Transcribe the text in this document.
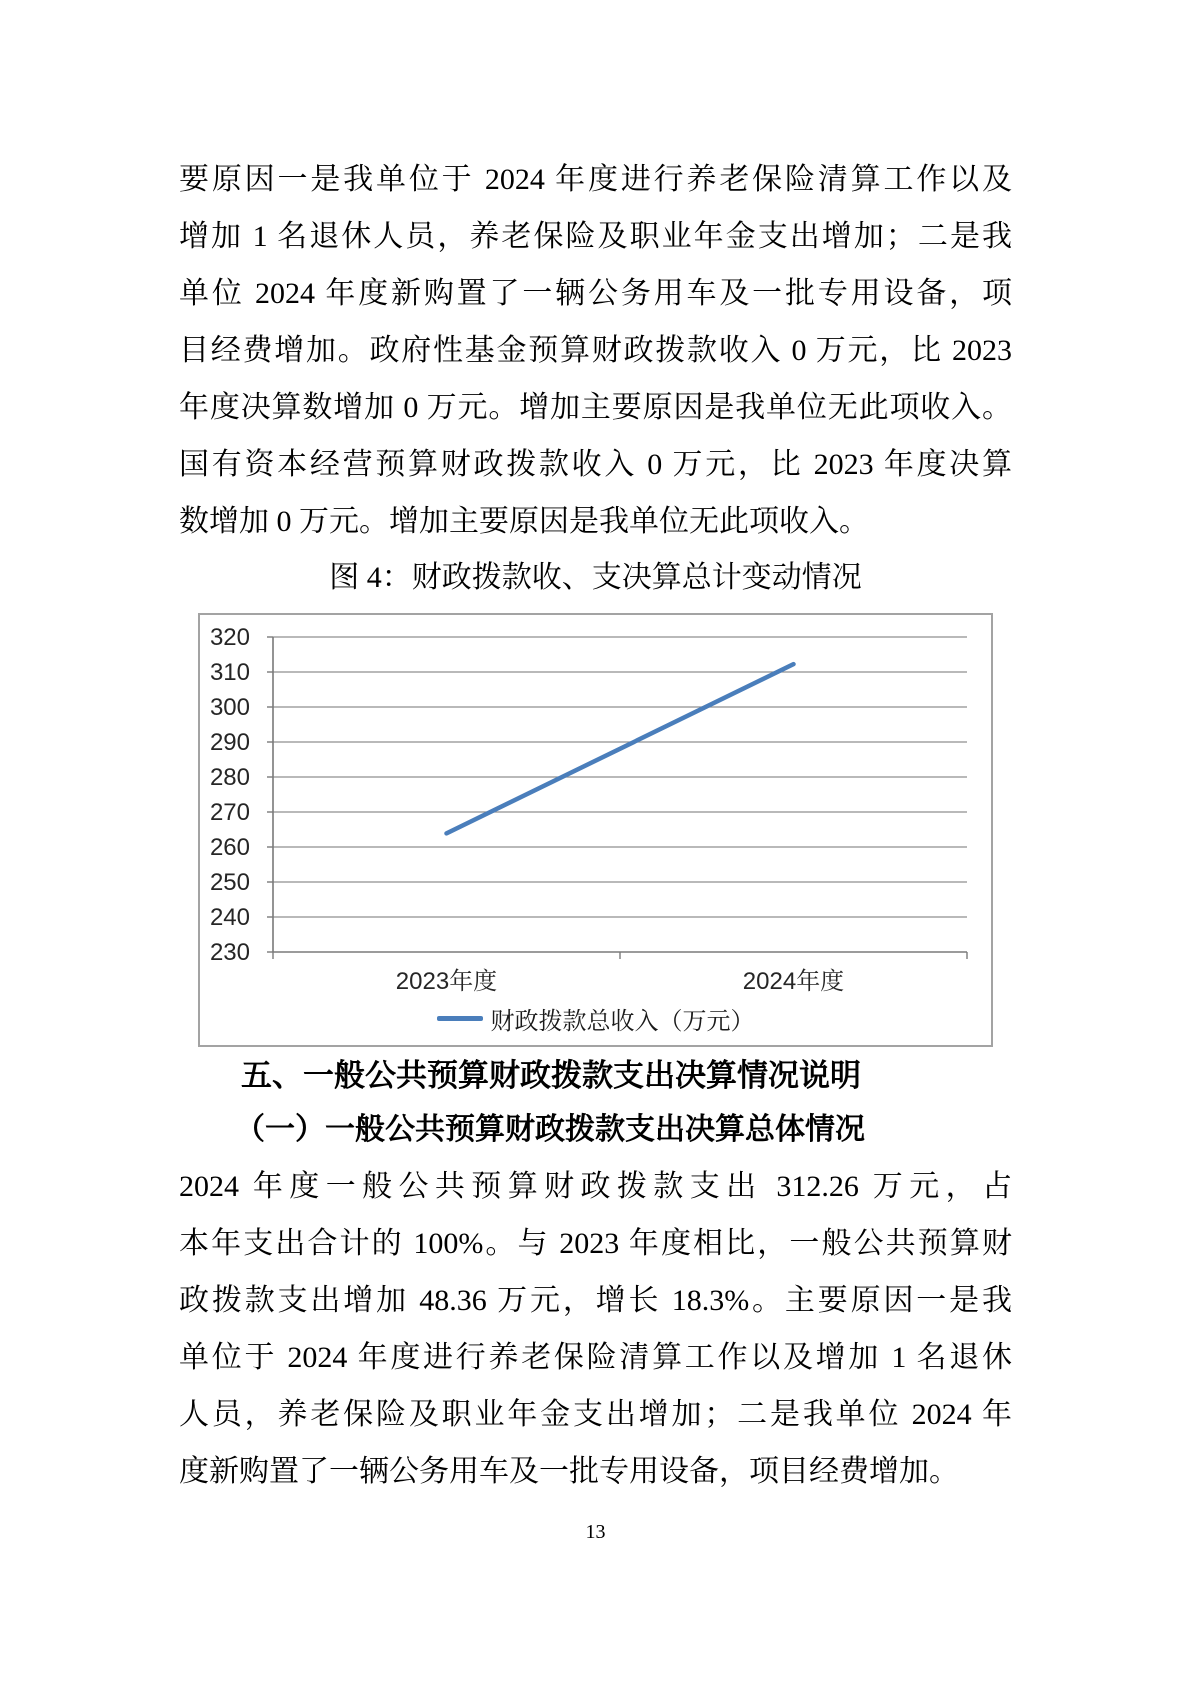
要原因一是我单位于 2024 年度进行养老保险清算工作以及
增加 1 名退休人员，养老保险及职业年金支出增加；二是我
单位 2024 年度新购置了一辆公务用车及一批专用设备，项
目经费增加。政府性基金预算财政拨款收入 0 万元，比 2023
年度决算数增加 0 万元。增加主要原因是我单位无此项收入。
国有资本经营预算财政拨款收入 0 万元，比 2023 年度决算
数增加 0 万元。增加主要原因是我单位无此项收入。
图 4：财政拨款收、支决算总计变动情况
230
240
250
260
270
280
290
300
310
320
2023年度	2024年度
财政拨款总收入（万元）
五、一般公共预算财政拨款支出决算情况说明
（一）一般公共预算财政拨款支出决算总体情况
2024 年度一般公共预算财政拨款支出 312.26 万元，占
本年支出合计的 100%。与 2023 年度相比，一般公共预算财
政拨款支出增加 48.36 万元，增长 18.3%。主要原因一是我
单位于 2024 年度进行养老保险清算工作以及增加 1 名退休
人员，养老保险及职业年金支出增加；二是我单位 2024 年
度新购置了一辆公务用车及一批专用设备，项目经费增加。
13
